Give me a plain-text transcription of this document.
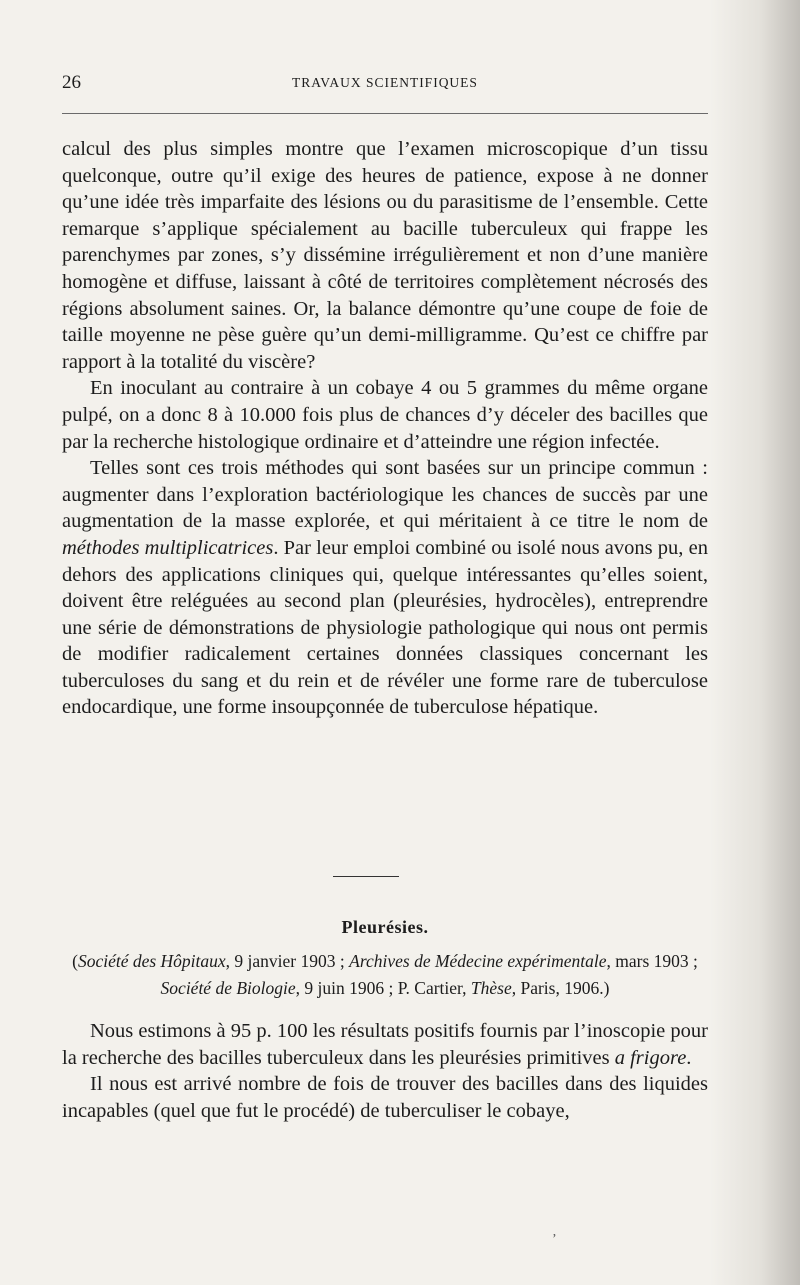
26	TRAVAUX SCIENTIFIQUES

calcul des plus simples montre que l’examen microscopique d’un tissu quelconque, outre qu’il exige des heures de patience, expose à ne donner qu’une idée très imparfaite des lésions ou du parasitisme de l’ensemble. Cette remarque s’applique spécialement au bacille tuberculeux qui frappe les parenchymes par zones, s’y dissémine irrégulièrement et non d’une manière homogène et diffuse, laissant à côté de territoires complètement nécrosés des régions absolument saines. Or, la balance démontre qu’une coupe de foie de taille moyenne ne pèse guère qu’un demi-milligramme. Qu’est ce chiffre par rapport à la totalité du viscère?

En inoculant au contraire à un cobaye 4 ou 5 grammes du même organe pulpé, on a donc 8 à 10.000 fois plus de chances d’y déceler des bacilles que par la recherche histologique ordinaire et d’atteindre une région infectée.

Telles sont ces trois méthodes qui sont basées sur un principe commun : augmenter dans l’exploration bactériologique les chances de succès par une augmentation de la masse explorée, et qui méritaient à ce titre le nom de méthodes multiplicatrices. Par leur emploi combiné ou isolé nous avons pu, en dehors des applications cliniques qui, quelque intéressantes qu’elles soient, doivent être reléguées au second plan (pleurésies, hydrocèles), entreprendre une série de démonstrations de physiologie pathologique qui nous ont permis de modifier radicalement certaines données classiques concernant les tuberculoses du sang et du rein et de révéler une forme rare de tuberculose endocardique, une forme insoupçonnée de tuberculose hépatique.

Pleurésies.
(Société des Hôpitaux, 9 janvier 1903 ; Archives de Médecine expérimentale, mars 1903 ; Société de Biologie, 9 juin 1906 ; P. Cartier, Thèse, Paris, 1906.)

Nous estimons à 95 p. 100 les résultats positifs fournis par l’inoscopie pour la recherche des bacilles tuberculeux dans les pleurésies primitives a frigore.

Il nous est arrivé nombre de fois de trouver des bacilles dans des liquides incapables (quel que fut le procédé) de tuberculiser le cobaye,

’
